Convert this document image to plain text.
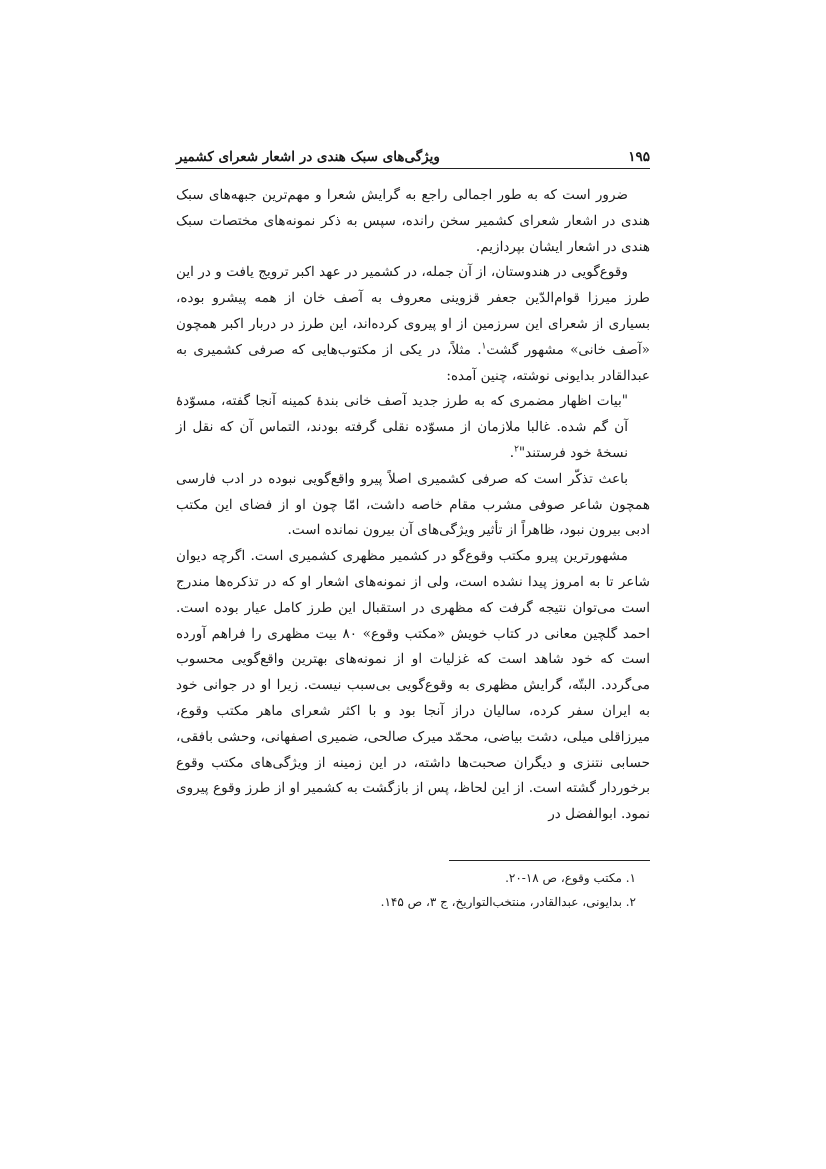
۱۹۵
ویژگی‌های سبک هندی در اشعار شعرای کشمیر

ضرور است که به طور اجمالی راجع به گرایش شعرا و مهم‌ترین جبهه‌های سبک هندی در اشعار شعرای کشمیر سخن رانده، سپس به ذکر نمونه‌های مختصات سبک هندی در اشعار ایشان بپردازیم.

وقوع‌گویی در هندوستان، از آن جمله، در کشمیر در عهد اکبر ترویج یافت و در این طرز میرزا قوام‌الدّین جعفر قزوینی معروف به آصف خان از همه پیشرو بوده، بسیاری از شعرای این سرزمین از او پیروی کرده‌اند، این طرز در دربار اکبر همچون «آصف خانی» مشهور گشت$^۱$. مثلاً، در یکی از مکتوب‌هایی که صرفی کشمیری به عبدالقادر بدایونی نوشته، چنین آمده:

"بیات اظهار مضمری که به طرز جدید آصف خانی بندهٔ کمینه آنجا گفته، مسوّدهٔ آن گم شده. غالبا ملازمان از مسوّده نقلی گرفته بودند، التماس آن که نقل از نسخهٔ خود فرستند"$^۲$.

باعث تذکّر است که صرفی کشمیری اصلاً پیرو واقع‌گویی نبوده در ادب فارسی همچون شاعر صوفی مشرب مقام خاصه داشت، امّا چون او از فضای این مکتب ادبی بیرون نبود، ظاهراً از تأثیر ویژگی‌های آن بیرون نمانده است.

مشهورترین پیرو مکتب وقوع‌گو در کشمیر مظهری کشمیری است. اگرچه دیوان شاعر تا به امروز پیدا نشده است، ولی از نمونه‌های اشعار او که در تذکره‌ها مندرج است می‌توان نتیجه گرفت که مظهری در استقبال این طرز کامل عیار بوده است. احمد گلچین معانی در کتاب خویش «مکتب وقوع» ۸۰ بیت مظهری را فراهم آورده است که خود شاهد است که غزلیات او از نمونه‌های بهترین واقع‌گویی محسوب می‌گردد. البتّه، گرایش مظهری به وقوع‌گویی بی‌سبب نیست. زیرا او در جوانی خود به ایران سفر کرده، سالیان دراز آنجا بود و با اکثر شعرای ماهر مکتب وقوع، میرزاقلی میلی، دشت بیاضی، محمّد میرک صالحی، ضمیری اصفهانی، وحشی بافقی، حسابی نتنزی و دیگران صحبت‌ها داشته، در این زمینه از ویژگی‌های مکتب وقوع برخوردار گشته است. از این لحاظ، پس از بازگشت به کشمیر او از طرز وقوع پیروی نمود. ابوالفضل در

۱. مکتب وقوع، ص ۱۸-۲۰.
۲. بدایونی، عبدالقادر، منتخب‌التواریخ، ج ۳، ص ۱۴۵.
